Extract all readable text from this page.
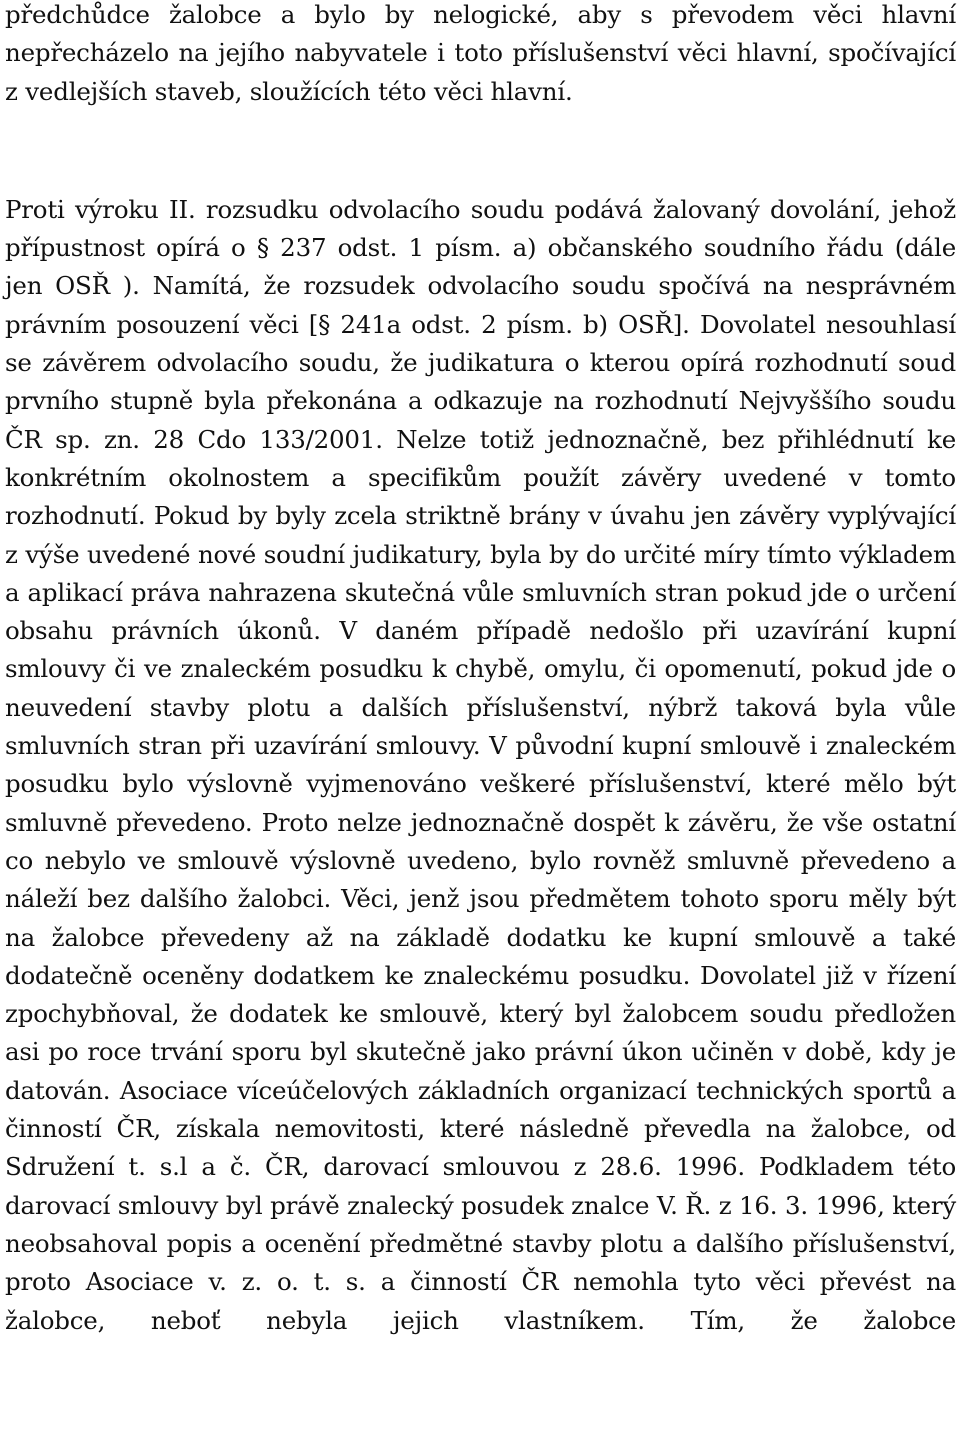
předchůdce žalobce a bylo by nelogické, aby s převodem věci hlavní nepřecházelo na jejího nabyvatele i toto příslušenství věci hlavní, spočívající z vedlejších staveb, sloužících této věci hlavní.

Proti výroku II. rozsudku odvolacího soudu podává žalovaný dovolání, jehož přípustnost opírá o § 237 odst. 1 písm. a) občanského soudního řádu (dále jen OSŘ ). Namítá, že rozsudek odvolacího soudu spočívá na nesprávném právním posouzení věci [§ 241a odst. 2 písm. b) OSŘ]. Dovolatel nesouhlasí se závěrem odvolacího soudu, že judikatura o kterou opírá rozhodnutí soud prvního stupně byla překonána a odkazuje na rozhodnutí Nejvyššího soudu ČR sp. zn. 28 Cdo 133/2001. Nelze totiž jednoznačně, bez přihlédnutí ke konkrétním okolnostem a specifikům použít závěry uvedené v tomto rozhodnutí. Pokud by byly zcela striktně brány v úvahu jen závěry vyplývající z výše uvedené nové soudní judikatury, byla by do určité míry tímto výkladem a aplikací práva nahrazena skutečná vůle smluvních stran pokud jde o určení obsahu právních úkonů. V daném případě nedošlo při uzavírání kupní smlouvy či ve znaleckém posudku k chybě, omylu, či opomenutí, pokud jde o neuvedení stavby plotu a dalších příslušenství, nýbrž taková byla vůle smluvních stran při uzavírání smlouvy. V původní kupní smlouvě i znaleckém posudku bylo výslovně vyjmenováno veškeré příslušenství, které mělo být smluvně převedeno. Proto nelze jednoznačně dospět k závěru, že vše ostatní co nebylo ve smlouvě výslovně uvedeno, bylo rovněž smluvně převedeno a náleží bez dalšího žalobci. Věci, jenž jsou předmětem tohoto sporu měly být na žalobce převedeny až na základě dodatku ke kupní smlouvě a také dodatečně oceněny dodatkem ke znaleckému posudku. Dovolatel již v řízení zpochybňoval, že dodatek ke smlouvě, který byl žalobcem soudu předložen asi po roce trvání sporu byl skutečně jako právní úkon učiněn v době, kdy je datován. Asociace víceúčelových základních organizací technických sportů a činností ČR, získala nemovitosti, které následně převedla na žalobce, od Sdružení t. s.l a č. ČR, darovací smlouvou z 28.6. 1996. Podkladem této darovací smlouvy byl právě znalecký posudek znalce V. Ř. z 16. 3. 1996, který neobsahoval popis a ocenění předmětné stavby plotu a dalšího příslušenství, proto Asociace v. z. o. t. s. a činností ČR nemohla tyto věci převést na žalobce, neboť nebyla jejich vlastníkem. Tím, že žalobce
